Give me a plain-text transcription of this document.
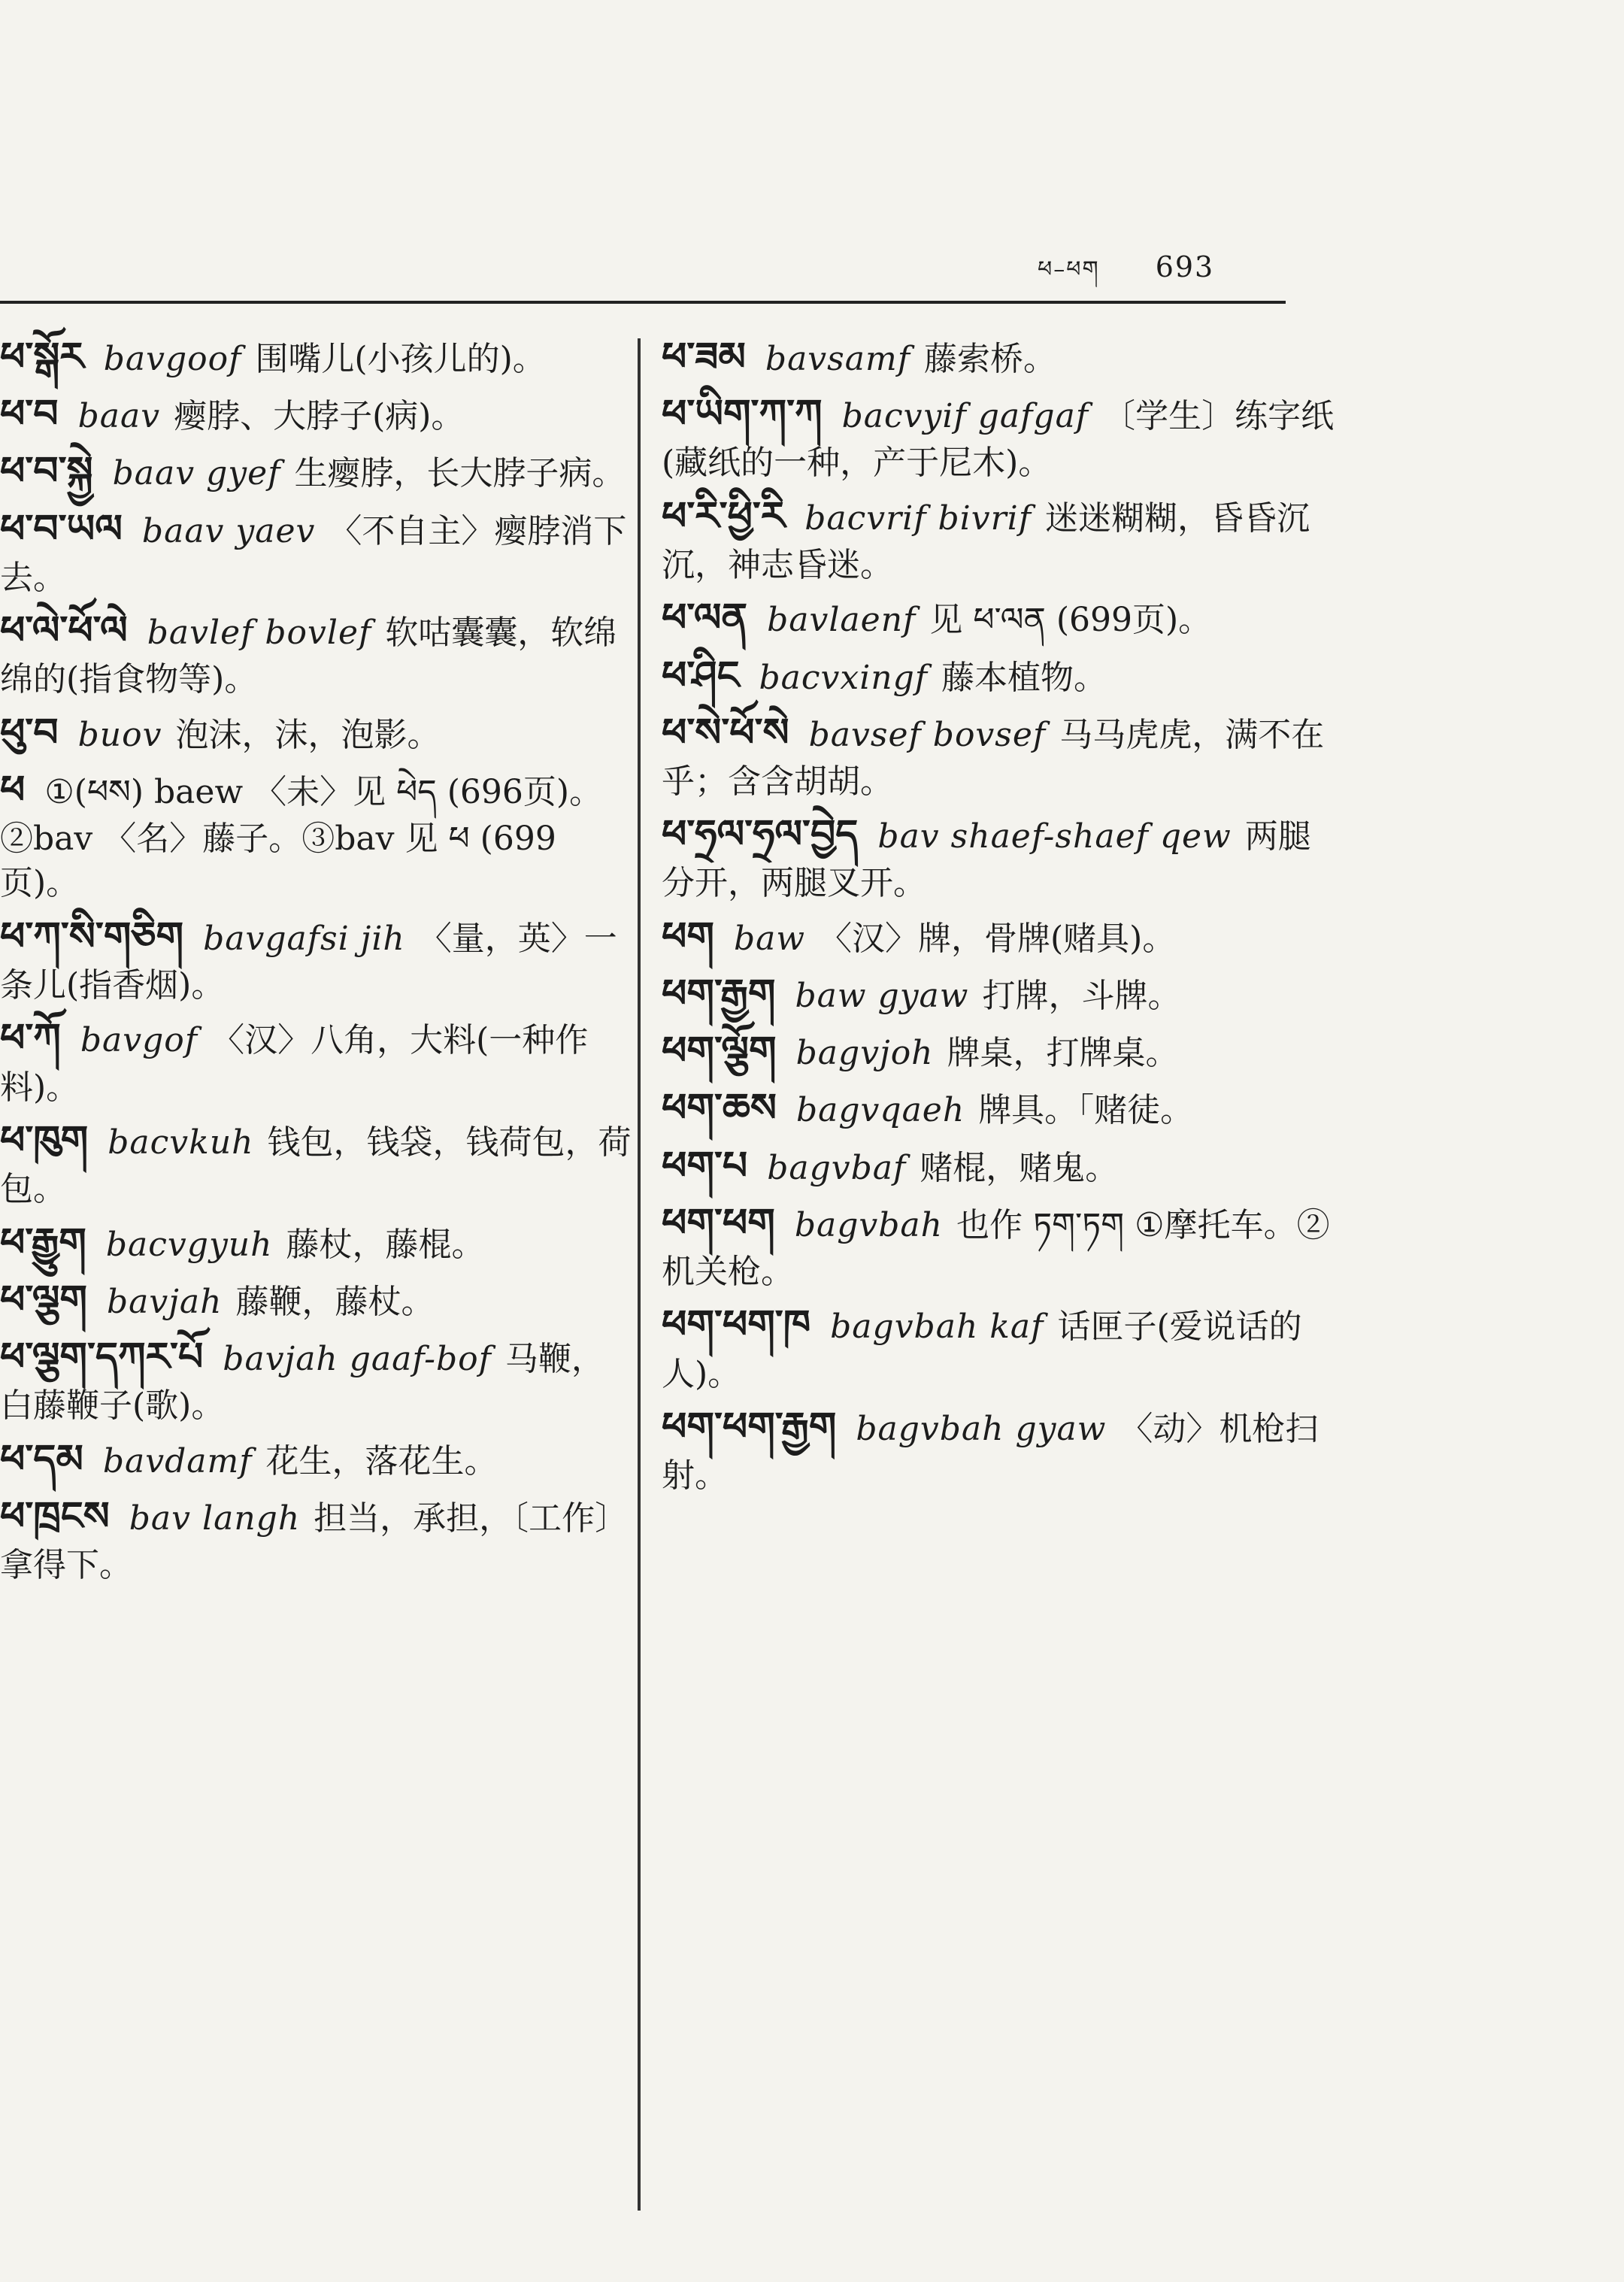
ཕ–ཕག 693
ཕ་སྒོར bavgoof 围嘴儿(小孩儿的)。
ཕ་བ baav 瘿脖、大脖子(病)。
ཕ་བ་སྐྱེ baav gyef 生瘿脖，长大脖子病。
ཕ་བ་ཡལ baav yaev 〈不自主〉瘿脖消下去。
ཕ་ལེ་ཕོ་ལེ bavlef bovlef 软咕囊囊，软绵绵的(指食物等)。
ཕུ་བ buov 泡沫，沫，泡影。
ཕ ①(ཕས) baew 〈未〉见 ཕེད (696页)。②bav 〈名〉藤子。③bav 见 ཕ (699页)。
ཕ་ཀ་སི་གཅིག bavgafsi jih 〈量，英〉一条儿(指香烟)。
ཕ་ཀོ bavgof 〈汉〉八角，大料(一种作料)。
ཕ་ཁུག bacvkuh 钱包，钱袋，钱荷包，荷包。
ཕ་རྒྱུག bacvgyuh 藤杖，藤棍。
ཕ་ལྕག bavjah 藤鞭，藤杖。
ཕ་ལྕག་དཀར་པོ bavjah gaaf-bof 马鞭，白藤鞭子(歌)。
ཕ་དམ bavdamf 花生，落花生。
ཕ་ཁྲངས bav langh 担当，承担，〔工作〕拿得下。
ཕ་ཟམ bavsamf 藤索桥。
ཕ་ཡིག་ཀ་ཀ bacvyif gafgaf 〔学生〕练字纸(藏纸的一种，产于尼木)。
ཕ་རི་ཕྱི་རི bacvrif bivrif 迷迷糊糊，昏昏沉沉，神志昏迷。
ཕ་ལན bavlaenf 见 ཕ་ལན (699页)。
ཕ་ཤིང bacvxingf 藤本植物。
ཕ་སེ་ཕོ་སེ bavsef bovsef 马马虎虎，满不在乎；含含胡胡。
ཕ་ཧྲལ་ཧྲལ་བྱེད bav shaef-shaef qew 两腿分开，两腿叉开。
ཕག baw 〈汉〉牌，骨牌(赌具)。
ཕག་རྒྱག baw gyaw 打牌，斗牌。
ཕག་ལྕོག bagvjoh 牌桌，打牌桌。
ཕག་ཆས bagvqaeh 牌具。「赌徒。
ཕག་པ bagvbaf 赌棍，赌鬼。
ཕག་ཕག bagvbah 也作 ཏག་ཏག ①摩托车。②机关枪。
ཕག་ཕག་ཁ bagvbah kaf 话匣子(爱说话的人)。
ཕག་ཕག་རྒྱག bagvbah gyaw 〈动〉机枪扫射。
